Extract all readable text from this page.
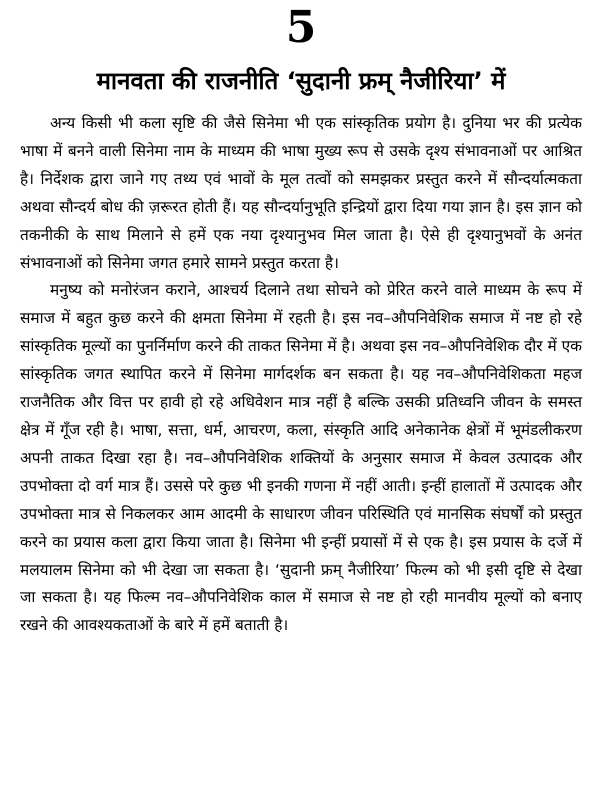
5
मानवता की राजनीति ‘सुदानी फ्रम् नैजीरिया’ में

अन्य किसी भी कला सृष्टि की जैसे सिनेमा भी एक सांस्कृतिक प्रयोग है। दुनिया भर की प्रत्येक भाषा में बनने वाली सिनेमा नाम के माध्यम की भाषा मुख्य रूप से उसके दृश्य संभावनाओं पर आश्रित है। निर्देशक द्वारा जाने गए तथ्य एवं भावों के मूल तत्वों को समझकर प्रस्तुत करने में सौन्दर्यात्मकता अथवा सौन्दर्य बोध की ज़रूरत होती हैं। यह सौन्दर्यानुभूति इन्द्रियों द्वारा दिया गया ज्ञान है। इस ज्ञान को तकनीकी के साथ मिलाने से हमें एक नया दृश्यानुभव मिल जाता है। ऐसे ही दृश्यानुभवों के अनंत संभावनाओं को सिनेमा जगत हमारे सामने प्रस्तुत करता है।

मनुष्य को मनोरंजन कराने, आश्चर्य दिलाने तथा सोचने को प्रेरित करने वाले माध्यम के रूप में समाज में बहुत कुछ करने की क्षमता सिनेमा में रहती है। इस नव–औपनिवेशिक समाज में नष्ट हो रहे सांस्कृतिक मूल्यों का पुनर्निर्माण करने की ताकत सिनेमा में है। अथवा इस नव–औपनिवेशिक दौर में एक सांस्कृतिक जगत स्थापित करने में सिनेमा मार्गदर्शक बन सकता है। यह नव–औपनिवेशिकता महज राजनैतिक और वित्त पर हावी हो रहे अधिवेशन मात्र नहीं है बल्कि उसकी प्रतिध्वनि जीवन के समस्त क्षेत्र में गूँज रही है। भाषा, सत्ता, धर्म, आचरण, कला, संस्कृति आदि अनेकानेक क्षेत्रों में भूमंडलीकरण अपनी ताकत दिखा रहा है। नव–औपनिवेशिक शक्तियों के अनुसार समाज में केवल उत्पादक और उपभोक्ता दो वर्ग मात्र हैं। उससे परे कुछ भी इनकी गणना में नहीं आती। इन्हीं हालातों में उत्पादक और उपभोक्ता मात्र से निकलकर आम आदमी के साधारण जीवन परिस्थिति एवं मानसिक संघर्षों को प्रस्तुत करने का प्रयास कला द्वारा किया जाता है। सिनेमा भी इन्हीं प्रयासों में से एक है। इस प्रयास के दर्जे में मलयालम सिनेमा को भी देखा जा सकता है। ‘सुदानी फ्रम् नैजीरिया’ फिल्म को भी इसी दृष्टि से देखा जा सकता है। यह फिल्म नव–औपनिवेशिक काल में समाज से नष्ट हो रही मानवीय मूल्यों को बनाए रखने की आवश्यकताओं के बारे में हमें बताती है।
